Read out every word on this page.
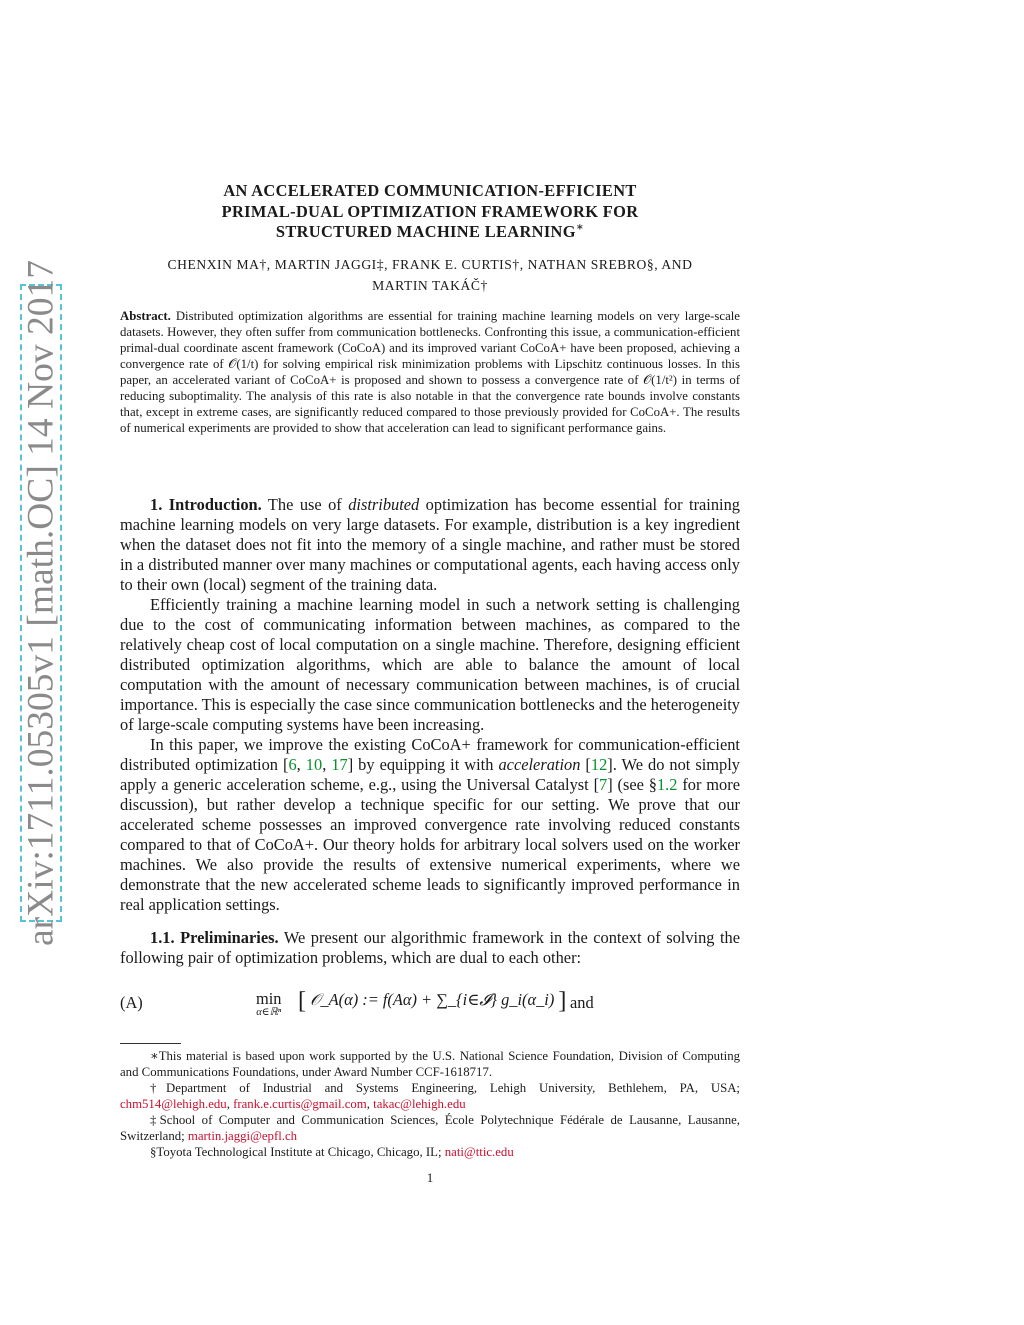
arXiv:1711.05305v1 [math.OC] 14 Nov 2017
AN ACCELERATED COMMUNICATION-EFFICIENT
PRIMAL-DUAL OPTIMIZATION FRAMEWORK FOR
STRUCTURED MACHINE LEARNING∗
CHENXIN MA†, MARTIN JAGGI‡, FRANK E. CURTIS†, NATHAN SREBRO§, AND
MARTIN TAKÁČ†
Abstract. Distributed optimization algorithms are essential for training machine learning models on very large-scale datasets. However, they often suffer from communication bottlenecks. Confronting this issue, a communication-efficient primal-dual coordinate ascent framework (CoCoA) and its improved variant CoCoA+ have been proposed, achieving a convergence rate of 𝒪(1/t) for solving empirical risk minimization problems with Lipschitz continuous losses. In this paper, an accelerated variant of CoCoA+ is proposed and shown to possess a convergence rate of 𝒪(1/t²) in terms of reducing suboptimality. The analysis of this rate is also notable in that the convergence rate bounds involve constants that, except in extreme cases, are significantly reduced compared to those previously provided for CoCoA+. The results of numerical experiments are provided to show that acceleration can lead to significant performance gains.

1. Introduction. The use of distributed optimization has become essential for training machine learning models on very large datasets. For example, distribution is a key ingredient when the dataset does not fit into the memory of a single machine, and rather must be stored in a distributed manner over many machines or computational agents, each having access only to their own (local) segment of the training data.

Efficiently training a machine learning model in such a network setting is challenging due to the cost of communicating information between machines, as compared to the relatively cheap cost of local computation on a single machine. Therefore, designing efficient distributed optimization algorithms, which are able to balance the amount of local computation with the amount of necessary communication between machines, is of crucial importance. This is especially the case since communication bottlenecks and the heterogeneity of large-scale computing systems have been increasing.

In this paper, we improve the existing CoCoA+ framework for communication-efficient distributed optimization [6, 10, 17] by equipping it with acceleration [12]. We do not simply apply a generic acceleration scheme, e.g., using the Universal Catalyst [7] (see §1.2 for more discussion), but rather develop a technique specific for our setting. We prove that our accelerated scheme possesses an improved convergence rate involving reduced constants compared to that of CoCoA+. Our theory holds for arbitrary local solvers used on the worker machines. We also provide the results of extensive numerical experiments, where we demonstrate that the new accelerated scheme leads to significantly improved performance in real application settings.

1.1. Preliminaries. We present our algorithmic framework in the context of solving the following pair of optimization problems, which are dual to each other:

(A)	min
α∈ℝⁿ [ 𝒪_A(α) := f(Aα) + ∑_{i∈𝓘} g_i(α_i) ] and

∗This material is based upon work supported by the U.S. National Science Foundation, Division of Computing and Communications Foundations, under Award Number CCF-1618717.

†Department of Industrial and Systems Engineering, Lehigh University, Bethlehem, PA, USA; chm514@lehigh.edu, frank.e.curtis@gmail.com, takac@lehigh.edu

‡School of Computer and Communication Sciences, École Polytechnique Fédérale de Lausanne, Lausanne, Switzerland; martin.jaggi@epfl.ch

§Toyota Technological Institute at Chicago, Chicago, IL; nati@ttic.edu

1
